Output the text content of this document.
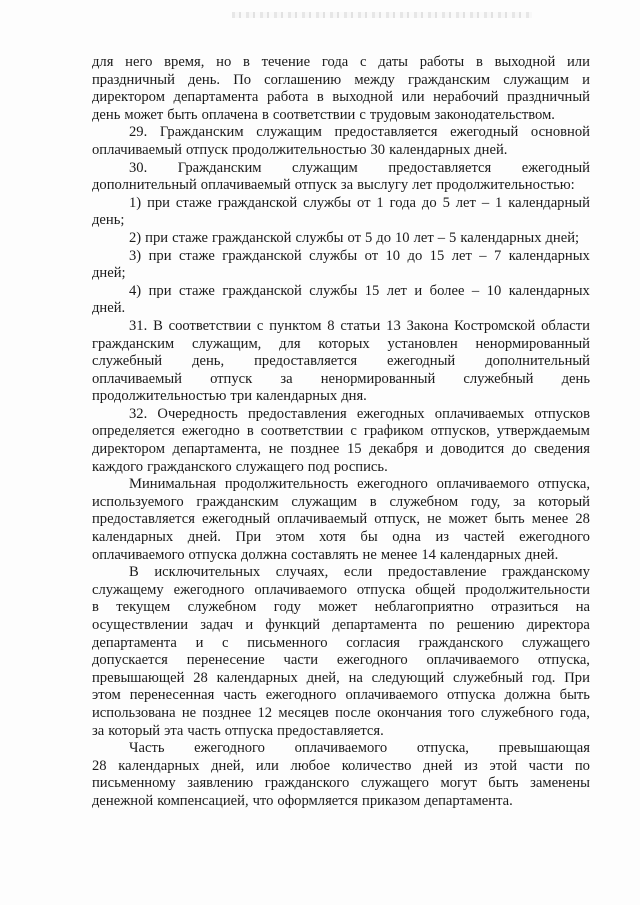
для него время, но в течение года с даты работы в выходной или
праздничный день. По соглашению между гражданским служащим и
директором департамента работа в выходной или нерабочий праздничный
день может быть оплачена в соответствии с трудовым законодательством.
29. Гражданским служащим предоставляется ежегодный основной
оплачиваемый отпуск продолжительностью 30 календарных дней.
30. Гражданским служащим предоставляется ежегодный
дополнительный оплачиваемый отпуск за выслугу лет продолжительностью:
1) при стаже гражданской службы от 1 года до 5 лет – 1 календарный
день;
2) при стаже гражданской службы от 5 до 10 лет – 5 календарных дней;
3) при стаже гражданской службы от 10 до 15 лет – 7 календарных
дней;
4) при стаже гражданской службы 15 лет и более – 10 календарных
дней.
31. В соответствии с пунктом 8 статьи 13 Закона Костромской области
гражданским служащим, для которых установлен ненормированный
служебный день, предоставляется ежегодный дополнительный
оплачиваемый отпуск за ненормированный служебный день
продолжительностью три календарных дня.
32. Очередность предоставления ежегодных оплачиваемых отпусков
определяется ежегодно в соответствии с графиком отпусков, утверждаемым
директором департамента, не позднее 15 декабря и доводится до сведения
каждого гражданского служащего под роспись.
Минимальная продолжительность ежегодного оплачиваемого отпуска,
используемого гражданским служащим в служебном году, за который
предоставляется ежегодный оплачиваемый отпуск, не может быть менее 28
календарных дней. При этом хотя бы одна из частей ежегодного
оплачиваемого отпуска должна составлять не менее 14 календарных дней.
В исключительных случаях, если предоставление гражданскому
служащему ежегодного оплачиваемого отпуска общей продолжительности
в текущем служебном году может неблагоприятно отразиться на
осуществлении задач и функций департамента по решению директора
департамента и с письменного согласия гражданского служащего
допускается перенесение части ежегодного оплачиваемого отпуска,
превышающей 28 календарных дней, на следующий служебный год. При
этом перенесенная часть ежегодного оплачиваемого отпуска должна быть
использована не позднее 12 месяцев после окончания того служебного года,
за который эта часть отпуска предоставляется.
Часть ежегодного оплачиваемого отпуска, превышающая
28 календарных дней, или любое количество дней из этой части по
письменному заявлению гражданского служащего могут быть заменены
денежной компенсацией, что оформляется приказом департамента.
